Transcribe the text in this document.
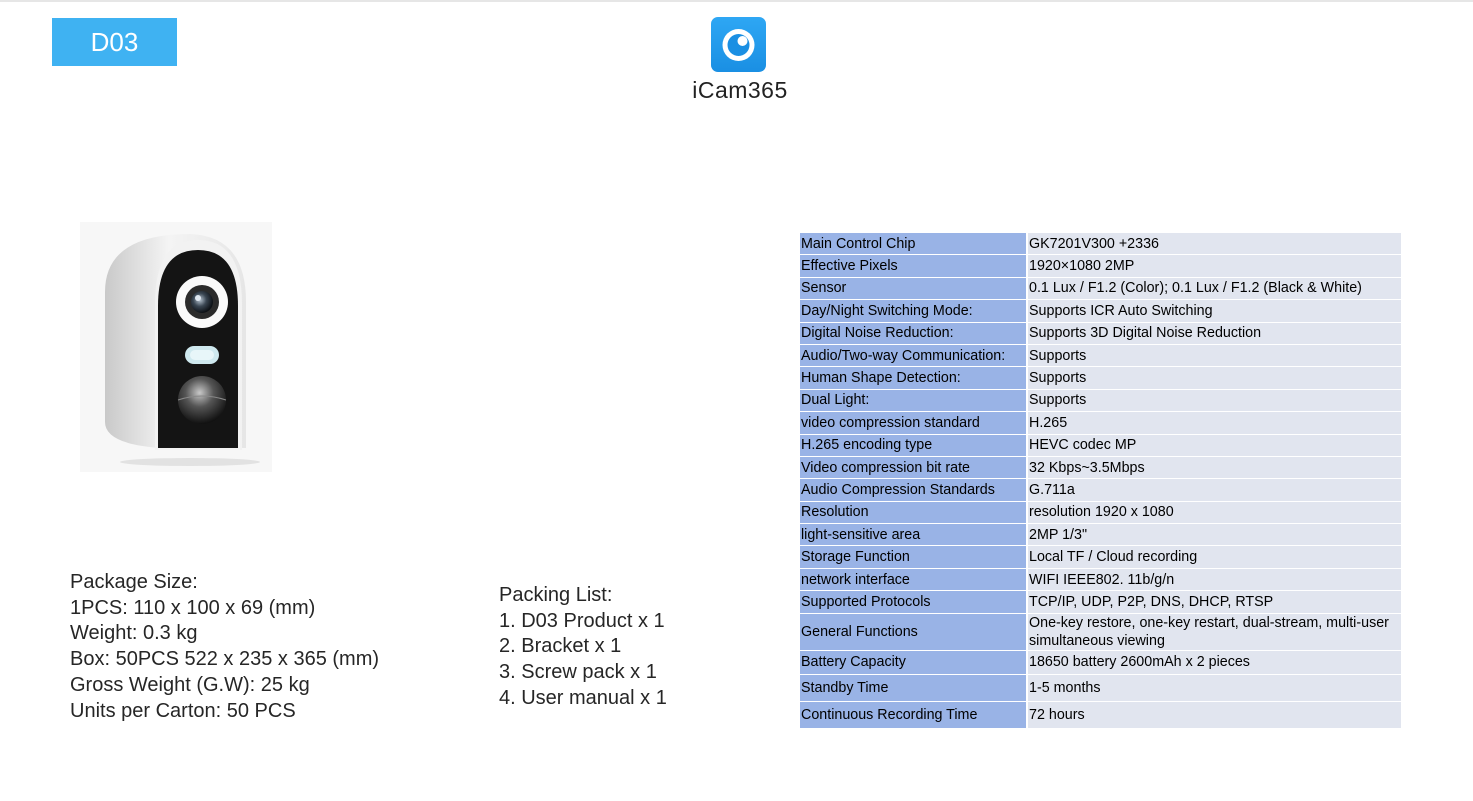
D03
iCam365
Package Size:
1PCS: 110 x 100 x 69 (mm)
Weight: 0.3 kg
Box: 50PCS 522 x 235 x 365 (mm)
Gross Weight (G.W): 25 kg
Units per Carton: 50 PCS
Packing List:
1. D03 Product x 1
2. Bracket x 1
3. Screw pack x 1
4. User manual x 1
Main Control Chip	GK7201V300 +2336
Effective Pixels	1920×1080 2MP
Sensor	0.1 Lux / F1.2 (Color); 0.1 Lux / F1.2 (Black & White)
Day/Night Switching Mode:	Supports ICR Auto Switching
Digital Noise Reduction:	Supports 3D Digital Noise Reduction
Audio/Two-way Communication:	Supports
Human Shape Detection:	Supports
Dual Light:	Supports
video compression standard	H.265
H.265 encoding type	HEVC codec MP
Video compression bit rate	32 Kbps~3.5Mbps
Audio Compression Standards	G.711a
Resolution	resolution 1920 x 1080
light-sensitive area	2MP 1/3"
Storage Function	Local TF / Cloud recording
network interface	WIFI IEEE802. 11b/g/n
Supported Protocols	TCP/IP, UDP, P2P, DNS, DHCP, RTSP
General Functions	One-key restore, one-key restart, dual-stream, multi-user simultaneous viewing
Battery Capacity	18650 battery 2600mAh x 2 pieces
Standby Time	1-5 months
Continuous Recording Time	72 hours
